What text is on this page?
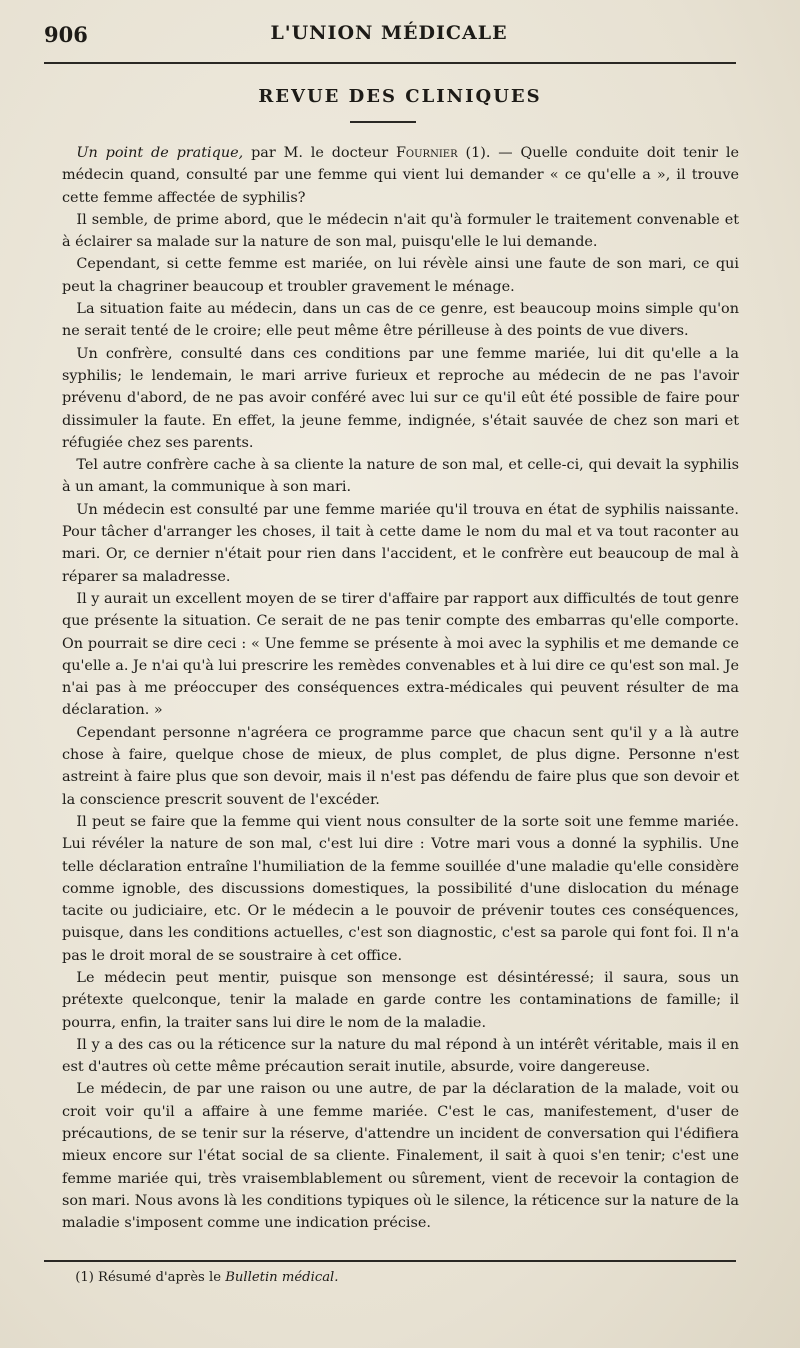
906	L'UNION MÉDICALE
REVUE DES CLINIQUES

 Un point de pratique, par M. le docteur Fournier (1). — Quelle conduite doit tenir le médecin quand, consulté par une femme qui vient lui demander « ce qu'elle a », il trouve cette femme affectée de syphilis?

 Il semble, de prime abord, que le médecin n'ait qu'à formuler le traitement convenable et à éclairer sa malade sur la nature de son mal, puisqu'elle le lui demande.

 Cependant, si cette femme est mariée, on lui révèle ainsi une faute de son mari, ce qui peut la chagriner beaucoup et troubler gravement le ménage.

 La situation faite au médecin, dans un cas de ce genre, est beaucoup moins simple qu'on ne serait tenté de le croire; elle peut même être périlleuse à des points de vue divers.

 Un confrère, consulté dans ces conditions par une femme mariée, lui dit qu'elle a la syphilis; le lendemain, le mari arrive furieux et reproche au médecin de ne pas l'avoir prévenu d'abord, de ne pas avoir conféré avec lui sur ce qu'il eût été possible de faire pour dissimuler la faute. En effet, la jeune femme, indignée, s'était sauvée de chez son mari et réfugiée chez ses parents.

 Tel autre confrère cache à sa cliente la nature de son mal, et celle-ci, qui devait la syphilis à un amant, la communique à son mari.

 Un médecin est consulté par une femme mariée qu'il trouva en état de syphilis naissante. Pour tâcher d'arranger les choses, il tait à cette dame le nom du mal et va tout raconter au mari. Or, ce dernier n'était pour rien dans l'accident, et le confrère eut beaucoup de mal à réparer sa maladresse.

 Il y aurait un excellent moyen de se tirer d'affaire par rapport aux difficultés de tout genre que présente la situation. Ce serait de ne pas tenir compte des embarras qu'elle comporte. On pourrait se dire ceci : « Une femme se présente à moi avec la syphilis et me demande ce qu'elle a. Je n'ai qu'à lui prescrire les remèdes convenables et à lui dire ce qu'est son mal. Je n'ai pas à me préoccuper des conséquences extra-médicales qui peuvent résulter de ma déclaration. »

 Cependant personne n'agréera ce programme parce que chacun sent qu'il y a là autre chose à faire, quelque chose de mieux, de plus complet, de plus digne. Personne n'est astreint à faire plus que son devoir, mais il n'est pas défendu de faire plus que son devoir et la conscience prescrit souvent de l'excéder.

 Il peut se faire que la femme qui vient nous consulter de la sorte soit une femme mariée. Lui révéler la nature de son mal, c'est lui dire : Votre mari vous a donné la syphilis. Une telle déclaration entraîne l'humiliation de la femme souillée d'une maladie qu'elle considère comme ignoble, des discussions domestiques, la possibilité d'une dislocation du ménage tacite ou judiciaire, etc. Or le médecin a le pouvoir de prévenir toutes ces conséquences, puisque, dans les conditions actuelles, c'est son diagnostic, c'est sa parole qui font foi. Il n'a pas le droit moral de se soustraire à cet office.

 Le médecin peut mentir, puisque son mensonge est désintéressé; il saura, sous un prétexte quelconque, tenir la malade en garde contre les contaminations de famille; il pourra, enfin, la traiter sans lui dire le nom de la maladie.

 Il y a des cas ou la réticence sur la nature du mal répond à un intérêt véritable, mais il en est d'autres où cette même précaution serait inutile, absurde, voire dangereuse.

 Le médecin, de par une raison ou une autre, de par la déclaration de la malade, voit ou croit voir qu'il a affaire à une femme mariée. C'est le cas, manifestement, d'user de précautions, de se tenir sur la réserve, d'attendre un incident de conversation qui l'édifiera mieux encore sur l'état social de sa cliente. Finalement, il sait à quoi s'en tenir; c'est une femme mariée qui, très vraisemblablement ou sûrement, vient de recevoir la contagion de son mari. Nous avons là les conditions typiques où le silence, la réticence sur la nature de la maladie s'imposent comme une indication précise.

 (1) Résumé d'après le Bulletin médical.
